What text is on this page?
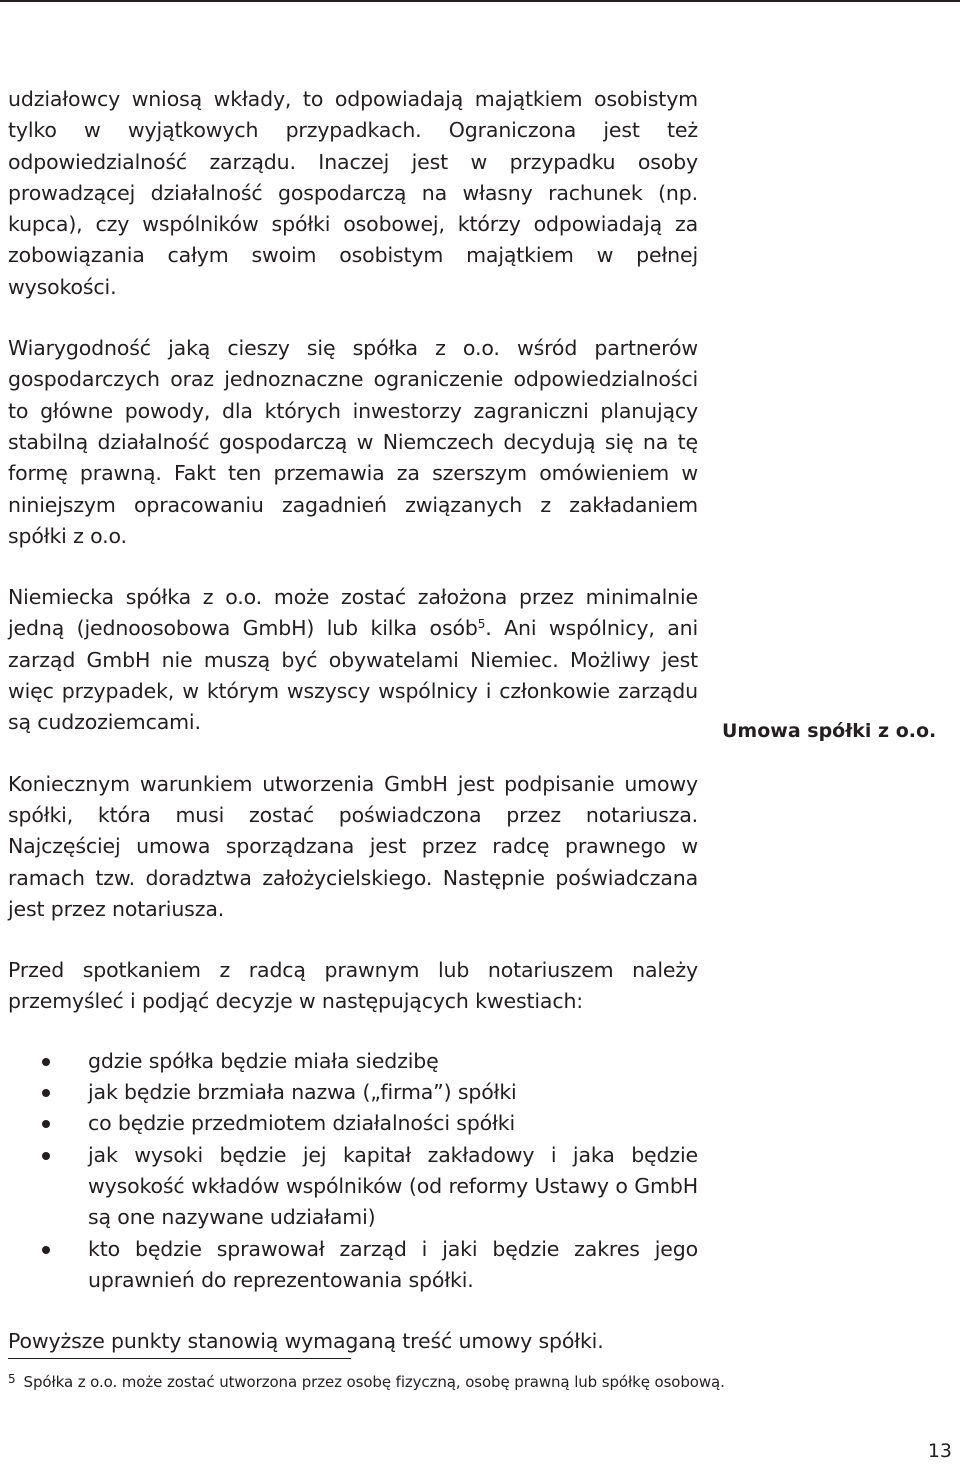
udziałowcy wniosą wkłady, to odpowiadają majątkiem osobistym tylko w wyjątkowych przypadkach. Ograniczona jest też odpowiedzialność zarządu. Inaczej jest w przypadku osoby prowadzącej działalność gospodarczą na własny rachunek (np. kupca), czy wspólników spółki osobowej, którzy odpowiadają za zobowiązania całym swoim osobistym majątkiem w pełnej wysokości.

Wiarygodność jaką cieszy się spółka z o.o. wśród partnerów gospodarczych oraz jednoznaczne ograniczenie odpowiedzialności to główne powody, dla których inwestorzy zagraniczni planujący stabilną działalność gospodarczą w Niemczech decydują się na tę formę prawną. Fakt ten przemawia za szerszym omówieniem w niniejszym opracowaniu zagadnień związanych z zakładaniem spółki z o.o.

Niemiecka spółka z o.o. może zostać założona przez minimalnie jedną (jednoosobowa GmbH) lub kilka osób$^5$. Ani wspólnicy, ani zarząd GmbH nie muszą być obywatelami Niemiec. Możliwy jest więc przypadek, w którym wszyscy wspólnicy i członkowie zarządu są cudzoziemcami.

Koniecznym warunkiem utworzenia GmbH jest podpisanie umowy spółki, która musi zostać poświadczona przez notariusza. Najczęściej umowa sporządzana jest przez radcę prawnego w ramach tzw. doradztwa założycielskiego. Następnie poświadczana jest przez notariusza.

Przed spotkaniem z radcą prawnym lub notariuszem należy przemyśleć i podjąć decyzje w następujących kwestiach:

gdzie spółka będzie miała siedzibę
jak będzie brzmiała nazwa („firma”) spółki
co będzie przedmiotem działalności spółki
jak wysoki będzie jej kapitał zakładowy i jaka będzie wysokość wkładów wspólników (od reformy Ustawy o GmbH są one nazywane udziałami)
kto będzie sprawował zarząd i jaki będzie zakres jego uprawnień do reprezentowania spółki.

Powyższe punkty stanowią wymaganą treść umowy spółki.

Umowa spółki z o.o.
$^5$ Spółka z o.o. może zostać utworzona przez osobę fizyczną, osobę prawną lub spółkę osobową.
13
